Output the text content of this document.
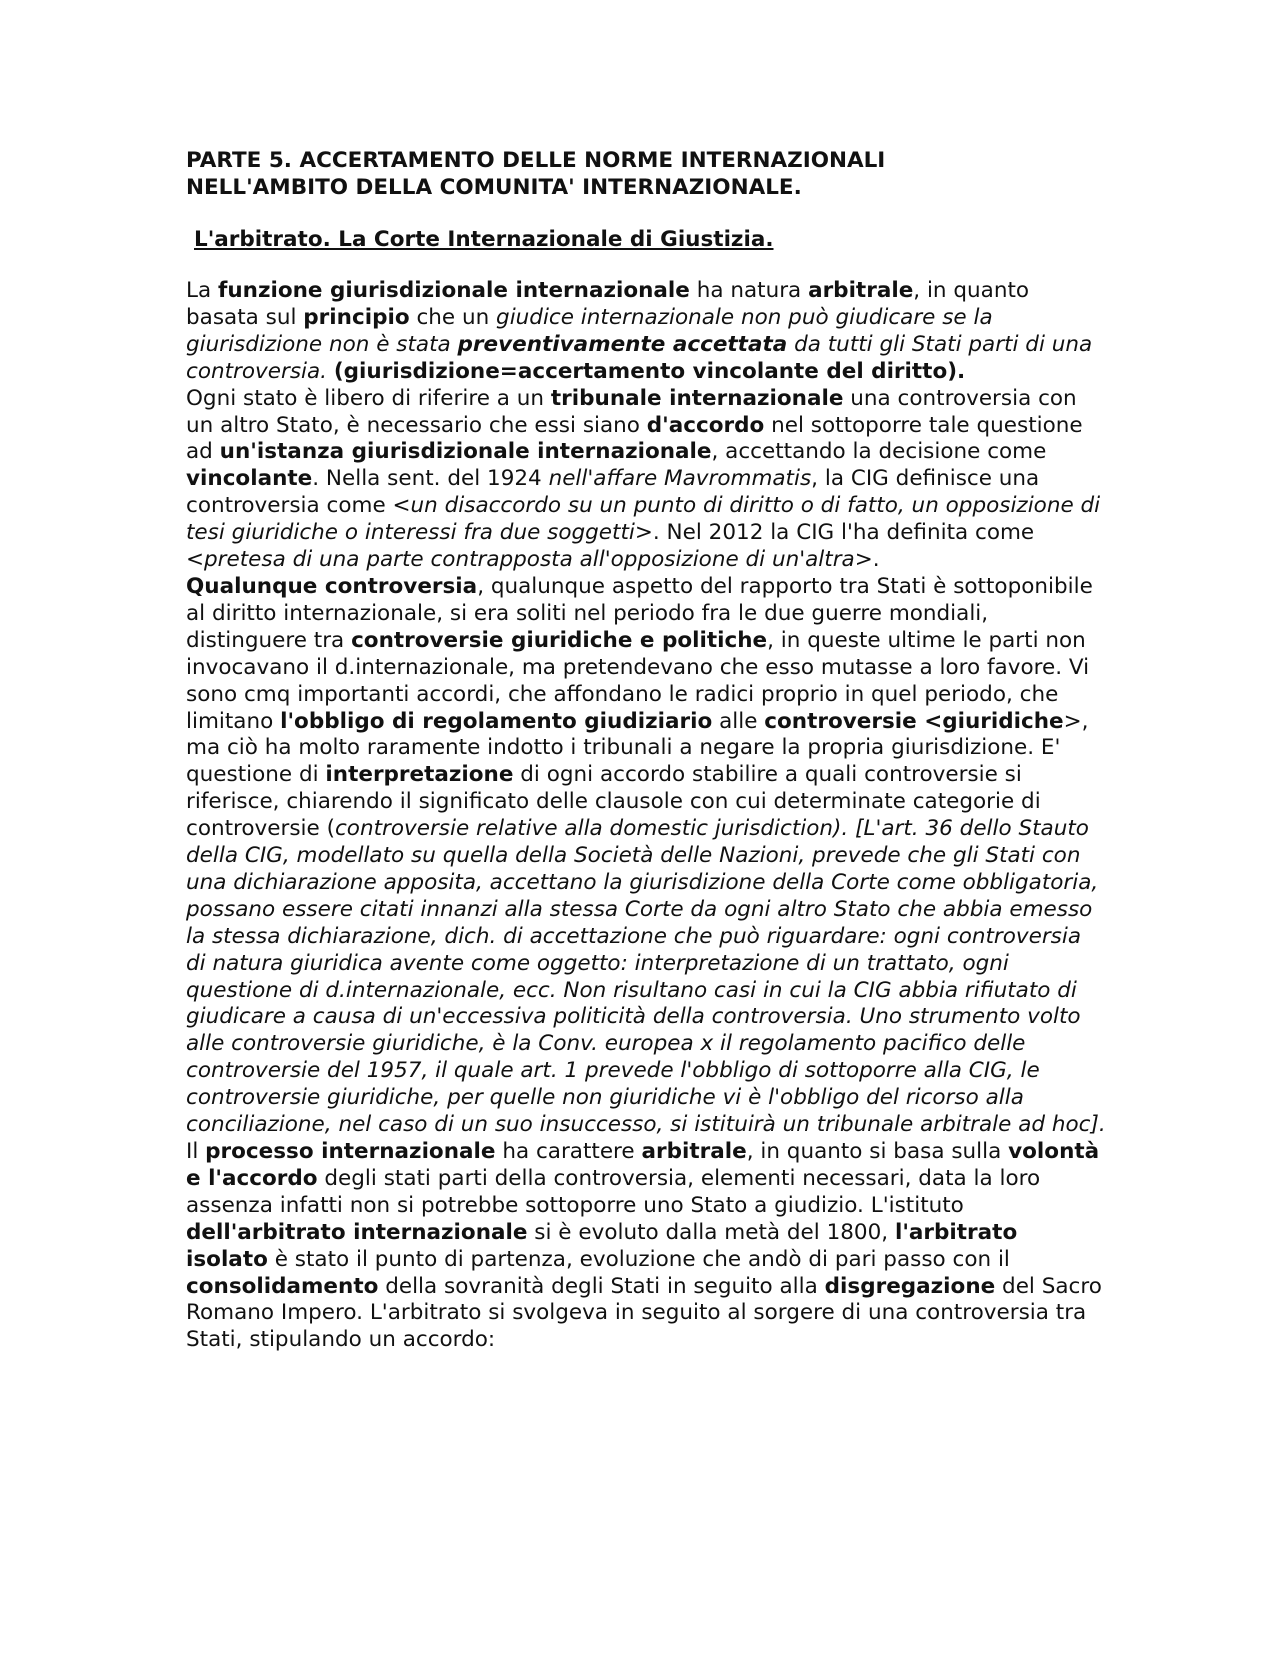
PARTE 5. ACCERTAMENTO DELLE NORME INTERNAZIONALI
NELL'AMBITO DELLA COMUNITA' INTERNAZIONALE.
L'arbitrato. La Corte Internazionale di Giustizia.

La funzione giurisdizionale internazionale ha natura arbitrale, in quanto basata sul principio che un giudice internazionale non può giudicare se la giurisdizione non è stata preventivamente accettata da tutti gli Stati parti di una controversia. (giurisdizione=accertamento vincolante del diritto).

Ogni stato è libero di riferire a un tribunale internazionale una controversia con un altro Stato, è necessario che essi siano d'accordo nel sottoporre tale questione ad un'istanza giurisdizionale internazionale, accettando la decisione come vincolante. Nella sent. del 1924 nell'affare Mavrommatis, la CIG definisce una controversia come <un disaccordo su un punto di diritto o di fatto, un opposizione di tesi giuridiche o interessi fra due soggetti>. Nel 2012 la CIG l'ha definita come <pretesa di una parte contrapposta all'opposizione di un'altra>.

Qualunque controversia, qualunque aspetto del rapporto tra Stati è sottoponibile al diritto internazionale, si era soliti nel periodo fra le due guerre mondiali, distinguere tra controversie giuridiche e politiche, in queste ultime le parti non invocavano il d.internazionale, ma pretendevano che esso mutasse a loro favore. Vi sono cmq importanti accordi, che affondano le radici proprio in quel periodo, che limitano l'obbligo di regolamento giudiziario alle controversie <giuridiche>, ma ciò ha molto raramente indotto i tribunali a negare la propria giurisdizione. E' questione di interpretazione di ogni accordo stabilire a quali controversie si riferisce, chiarendo il significato delle clausole con cui determinate categorie di controversie (controversie relative alla domestic jurisdiction). [L'art. 36 dello Stauto della CIG, modellato su quella della Società delle Nazioni, prevede che gli Stati con una dichiarazione apposita, accettano la giurisdizione della Corte come obbligatoria, possano essere citati innanzi alla stessa Corte da ogni altro Stato che abbia emesso la stessa dichiarazione, dich. di accettazione che può riguardare: ogni controversia di natura giuridica avente come oggetto: interpretazione di un trattato, ogni questione di d.internazionale, ecc. Non risultano casi in cui la CIG abbia rifiutato di giudicare a causa di un'eccessiva politicità della controversia. Uno strumento volto alle controversie giuridiche, è la Conv. europea x il regolamento pacifico delle controversie del 1957, il quale art. 1 prevede l'obbligo di sottoporre alla CIG, le controversie giuridiche, per quelle non giuridiche vi è l'obbligo del ricorso alla conciliazione, nel caso di un suo insuccesso, si istituirà un tribunale arbitrale ad hoc].

Il processo internazionale ha carattere arbitrale, in quanto si basa sulla volontà e l'accordo degli stati parti della controversia, elementi necessari, data la loro assenza infatti non si potrebbe sottoporre uno Stato a giudizio. L'istituto dell'arbitrato internazionale si è evoluto dalla metà del 1800, l'arbitrato isolato è stato il punto di partenza, evoluzione che andò di pari passo con il consolidamento della sovranità degli Stati in seguito alla disgregazione del Sacro Romano Impero. L'arbitrato si svolgeva in seguito al sorgere di una controversia tra Stati, stipulando un accordo:
